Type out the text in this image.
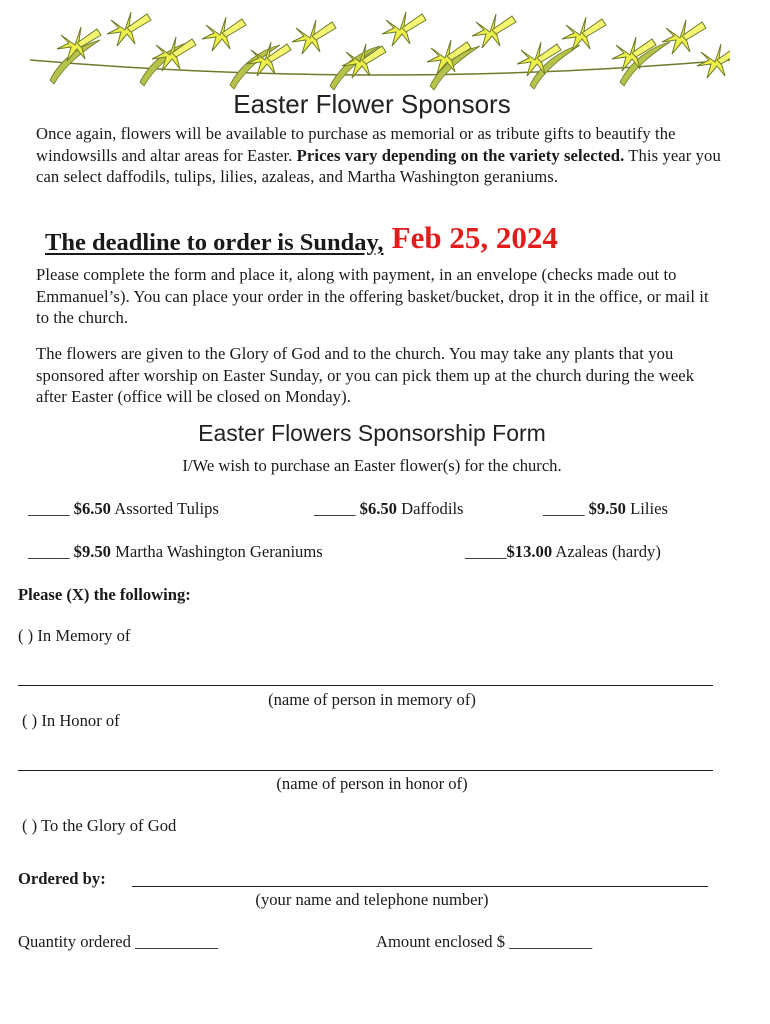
Easter Flower Sponsors
Once again, flowers will be available to purchase as memorial or as tribute gifts to beautify the windowsills and altar areas for Easter. Prices vary depending on the variety selected. This year you can select daffodils, tulips, lilies, azaleas, and Martha Washington geraniums.
The deadline to order is Sunday, Feb 25, 2024
Please complete the form and place it, along with payment, in an envelope (checks made out to Emmanuel’s). You can place your order in the offering basket/bucket, drop it in the office, or mail it to the church.
The flowers are given to the Glory of God and to the church. You may take any plants that you sponsored after worship on Easter Sunday, or you can pick them up at the church during the week after Easter (office will be closed on Monday).
Easter Flowers Sponsorship Form
I/We wish to purchase an Easter flower(s) for the church.
_____ $6.50 Assorted Tulips	_____ $6.50 Daffodils	_____ $9.50 Lilies
_____ $9.50 Martha Washington Geraniums	_____$13.00 Azaleas (hardy)
Please (X) the following:
( ) In Memory of
(name of person in memory of)
( ) In Honor of
(name of person in honor of)
( ) To the Glory of God
Ordered by:
(your name and telephone number)
Quantity ordered __________	Amount enclosed $ __________
